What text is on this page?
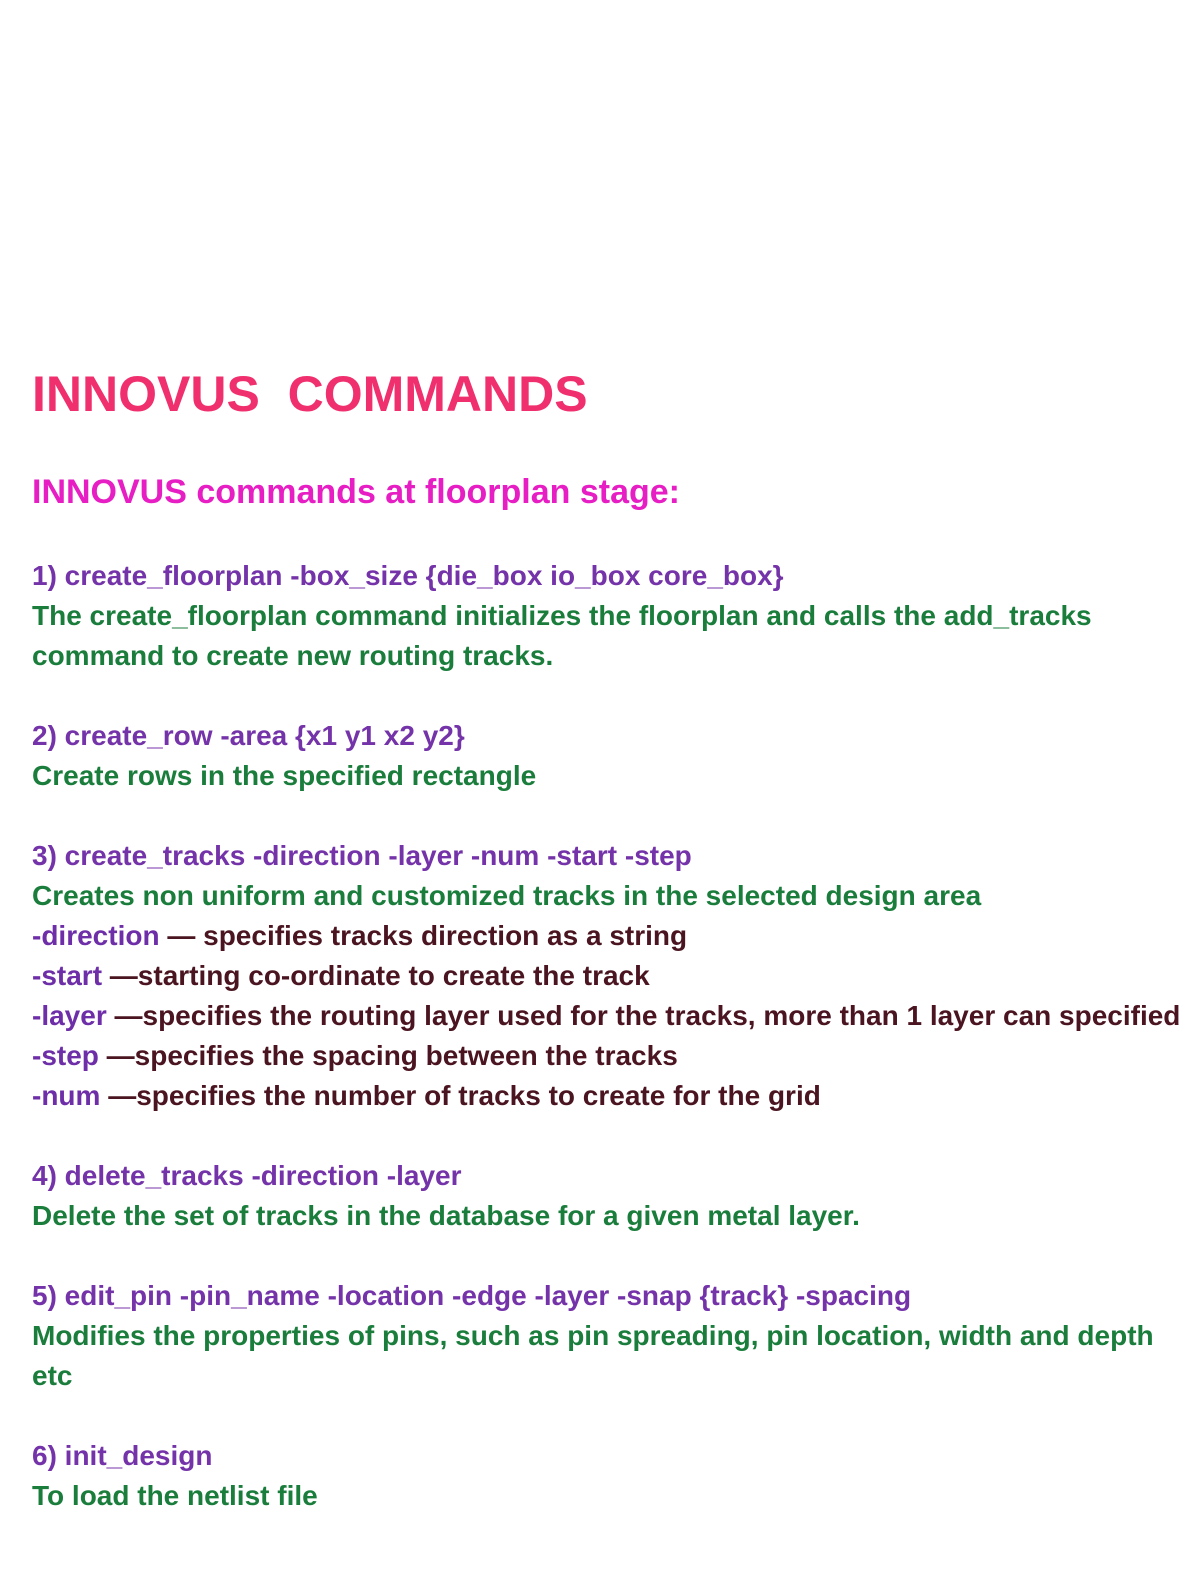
INNOVUS  COMMANDS
INNOVUS commands at floorplan stage:
1) create_floorplan -box_size {die_box io_box core_box}
The create_floorplan command initializes the floorplan and calls the add_tracks command to create new routing tracks.
2) create_row -area {x1 y1 x2 y2}
Create rows in the specified rectangle
3) create_tracks -direction -layer -num -start -step
Creates non uniform and customized tracks in the selected design area
-direction — specifies tracks direction as a string
-start —starting co-ordinate to create the track
-layer —specifies the routing layer used for the tracks, more than 1 layer can specified
-step —specifies the spacing between the tracks
-num —specifies the number of tracks to create for the grid
4) delete_tracks -direction -layer
Delete the set of tracks in the database for a given metal layer.
5) edit_pin -pin_name -location -edge -layer -snap {track} -spacing
Modifies the properties of pins, such as pin spreading, pin location, width and depth etc
6) init_design
To load the netlist file
